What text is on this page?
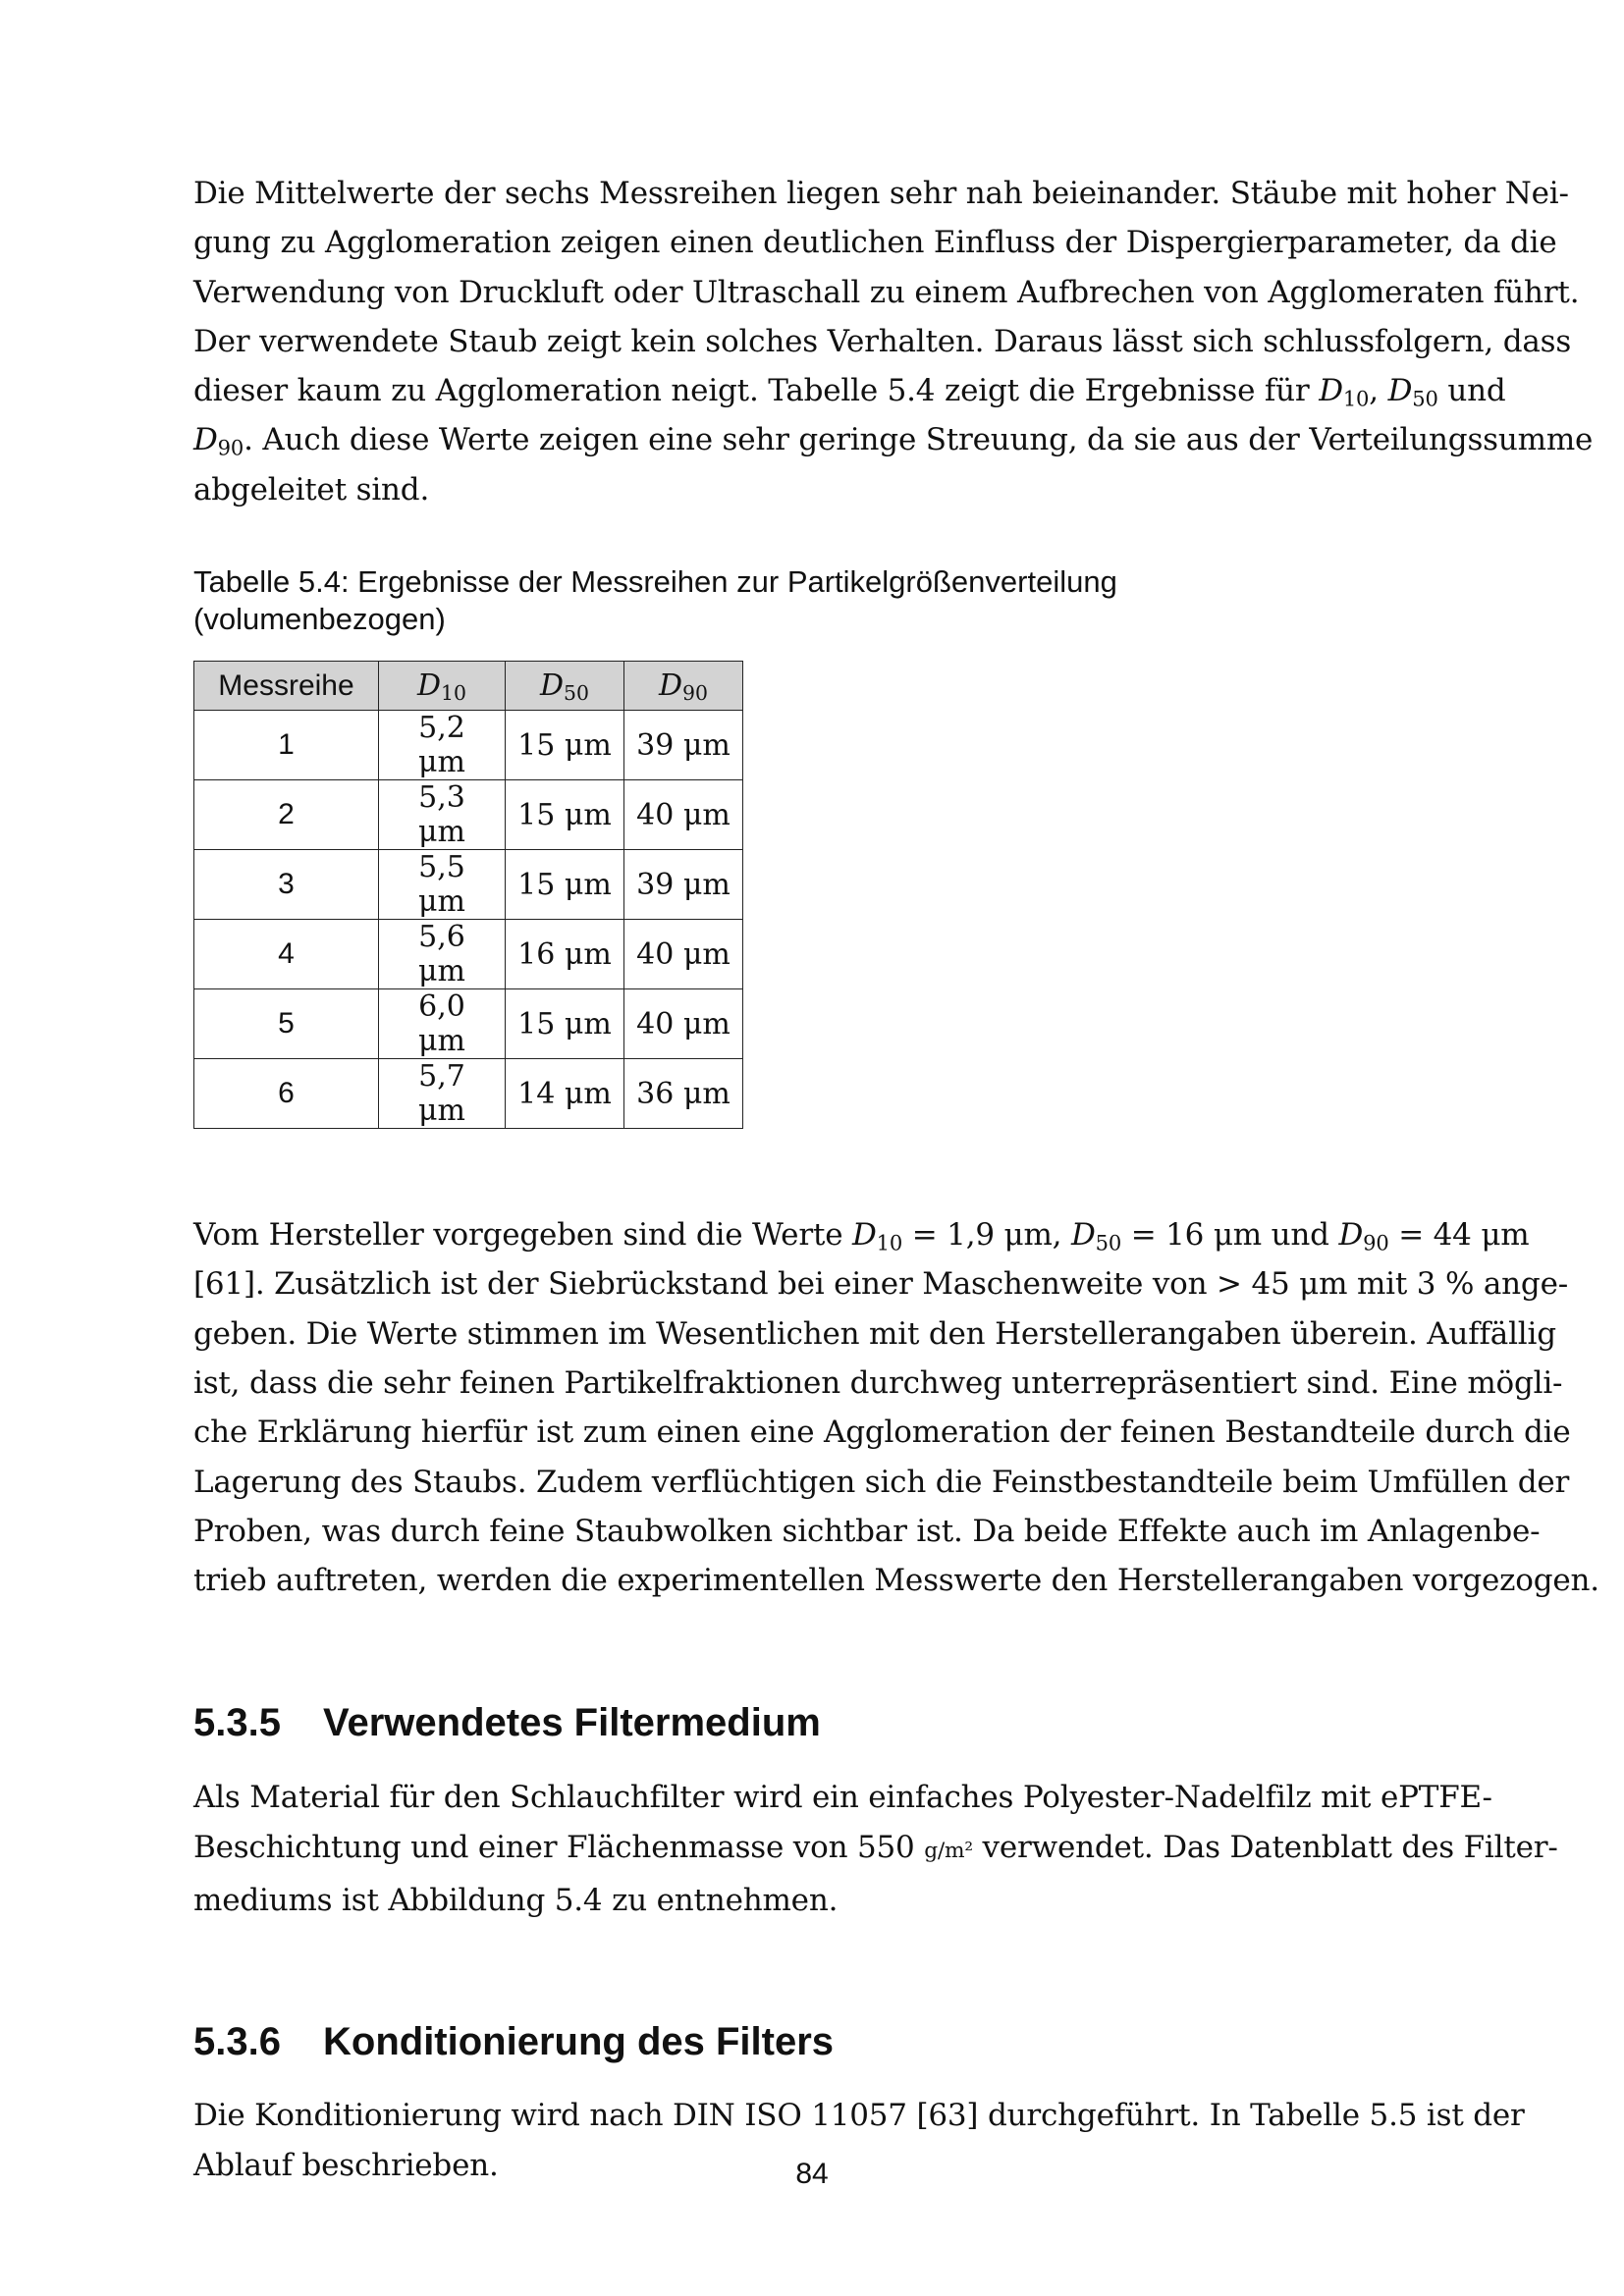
Die Mittelwerte der sechs Messreihen liegen sehr nah beieinander. Stäube mit hoher Nei-
gung zu Agglomeration zeigen einen deutlichen Einfluss der Dispergierparameter, da die
Verwendung von Druckluft oder Ultraschall zu einem Aufbrechen von Agglomeraten führt.
Der verwendete Staub zeigt kein solches Verhalten. Daraus lässt sich schlussfolgern, dass
dieser kaum zu Agglomeration neigt. Tabelle 5.4 zeigt die Ergebnisse für $D_{10}$, $D_{50}$ und
$D_{90}$. Auch diese Werte zeigen eine sehr geringe Streuung, da sie aus der Verteilungssumme
abgeleitet sind.

Tabelle 5.4: Ergebnisse der Messreihen zur Partikelgrößenverteilung
(volumenbezogen)

Messreihe	$D_{10}$	$D_{50}$	$D_{90}$
1	5,2 μm	15 μm	39 μm
2	5,3 μm	15 μm	40 μm
3	5,5 μm	15 μm	39 μm
4	5,6 μm	16 μm	40 μm
5	6,0 μm	15 μm	40 μm
6	5,7 μm	14 μm	36 μm
Vom Hersteller vorgegeben sind die Werte $D_{10} = 1,9$ μm, $D_{50} = 16$ μm und $D_{90} = 44$ μm
[61]. Zusätzlich ist der Siebrückstand bei einer Maschenweite von > 45 μm mit 3 % ange-
geben. Die Werte stimmen im Wesentlichen mit den Herstellerangaben überein. Auffällig
ist, dass die sehr feinen Partikelfraktionen durchweg unterrepräsentiert sind. Eine mögli-
che Erklärung hierfür ist zum einen eine Agglomeration der feinen Bestandteile durch die
Lagerung des Staubs. Zudem verflüchtigen sich die Feinstbestandteile beim Umfüllen der
Proben, was durch feine Staubwolken sichtbar ist. Da beide Effekte auch im Anlagenbe-
trieb auftreten, werden die experimentellen Messwerte den Herstellerangaben vorgezogen.
5.3.5 Verwendetes Filtermedium
Als Material für den Schlauchfilter wird ein einfaches Polyester-Nadelfilz mit ePTFE-
Beschichtung und einer Flächenmasse von 550 g/m² verwendet. Das Datenblatt des Filter-
mediums ist Abbildung 5.4 zu entnehmen.
5.3.6 Konditionierung des Filters
Die Konditionierung wird nach DIN ISO 11057 [63] durchgeführt. In Tabelle 5.5 ist der
Ablauf beschrieben.	84
